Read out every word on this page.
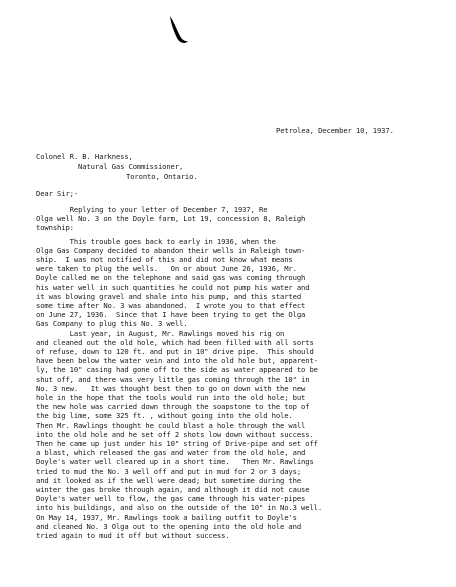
Petrolea, December 10, 1937.
Colonel R. B. Harkness,
Natural Gas Commissioner,
Toronto, Ontario.
Dear Sir;-
Replying to your letter of December 7, 1937, Re
Olga well No. 3 on the Doyle farm, Lot 19, concession 8, Raleigh
township:
This trouble goes back to early in 1936, when the
Olga Gas Company decided to abandon their wells in Raleigh town-
ship.  I was not notified of this and did not know what means
were taken to plug the wells.   On or about June 26, 1936, Mr.
Doyle called me on the telephone and said gas was coming through
his water well in such quantities he could not pump his water and
it was blowing gravel and shale into his pump, and this started
some time after No. 3 was abandoned.  I wrote you to that effect
on June 27, 1936.  Since that I have been trying to get the Olga
Gas Company to plug this No. 3 well.
Last year, in August, Mr. Rawlings moved his rig on
and cleaned out the old hole, which had been filled with all sorts
of refuse, down to 120 ft. and put in 10" drive pipe.  This should
have been below the water vein and into the old hole but, apparent-
ly, the 10" casing had gone off to the side as water appeared to be
shut off, and there was very little gas coming through the 10" in
No. 3 new.   It was thought best then to go on down with the new
hole in the hope that the tools would run into the old hole; but
the new hole was carried down through the soapstone to the top of
the big lime, some 325 ft. , without going into the old hole.
Then Mr. Rawlings thought he could blast a hole through the wall
into the old hole and he set off 2 shots low down without success.
Then he came up just under his 10" string of Drive-pipe and set off
a blast, which released the gas and water from the old hole, and
Doyle's water well cleared up in a short time.   Then Mr. Rawlings
tried to mud the No. 3 well off and put in mud for 2 or 3 days;
and it looked as if the well were dead; but sometime during the
winter the gas broke through again, and although it did not cause
Doyle's water well to flow, the gas came through his water-pipes
into his buildings, and also on the outside of the 10" in No.3 well.
On May 14, 1937, Mr. Rawlings took a bailing outfit to Doyle's
and cleaned No. 3 Olga out to the opening into the old hole and
tried again to mud it off but without success.
